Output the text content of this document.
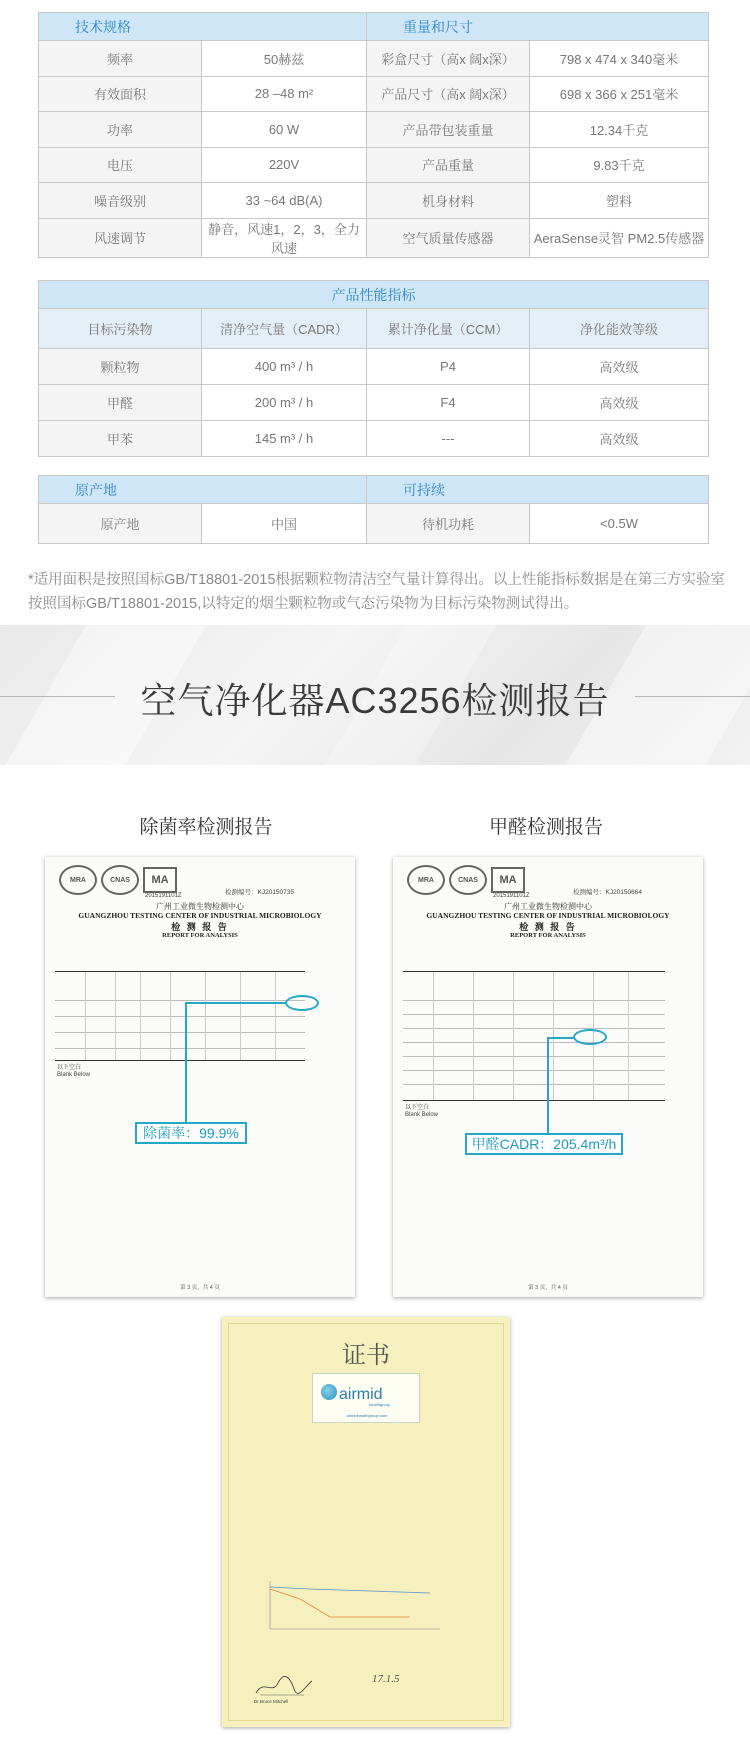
技术规格		重量和尺寸	
频率	50赫兹	彩盒尺寸（高x 阔x深）	798 x 474 x 340毫米
有效面积	28 –48 m²	产品尺寸（高x 阔x深）	698 x 366 x 251毫米
功率	60 W	产品带包装重量	12.34千克
电压	220V	产品重量	9.83千克
噪音级别	33 ~64 dB(A)	机身材料	塑料
风速调节	静音，风速1，2，3，全力风速	空气质量传感器	AeraSense灵智 PM2.5传感器
产品性能指标			
目标污染物	清净空气量（CADR）	累计净化量（CCM）	净化能效等级
颗粒物	400 m³ / h	P4	高效级
甲醛	200 m³ / h	F4	高效级
甲苯	145 m³ / h	---	高效级
原产地		可持续	
原产地	中国	待机功耗	<0.5W

*适用面积是按照国标GB/T18801-2015根据颗粒物清洁空气量计算得出。以上性能指标数据是在第三方实验室按照国标GB/T18801-2015,以特定的烟尘颗粒物或气态污染物为目标污染物测试得出。

空气净化器AC3256检测报告
除菌率检测报告	甲醛检测报告
MRA	CNAS	MA
2015191101Z	检测编号：KJ20150735
广州工业微生物检测中心
GUANGZHOU TESTING CENTER OF INDUSTRIAL MICROBIOLOGY
检 测 报 告
REPORT FOR ANALYSIS
以下空白
Blank Below
除菌率：99.9%
第 3 页，共 4 页
MRA	CNAS	MA
2015191101Z	检测编号：KJ20150664
广州工业微生物检测中心
GUANGZHOU TESTING CENTER OF INDUSTRIAL MICROBIOLOGY
检 测 报 告
REPORT FOR ANALYSIS
以下空白
Blank Below
甲醛CADR：205.4m³/h
第 3 页，共 4 页
证书
airmid
healthgroup
airmidhealthgroup.com
Dr Bruce Mitchell
17.1.5
